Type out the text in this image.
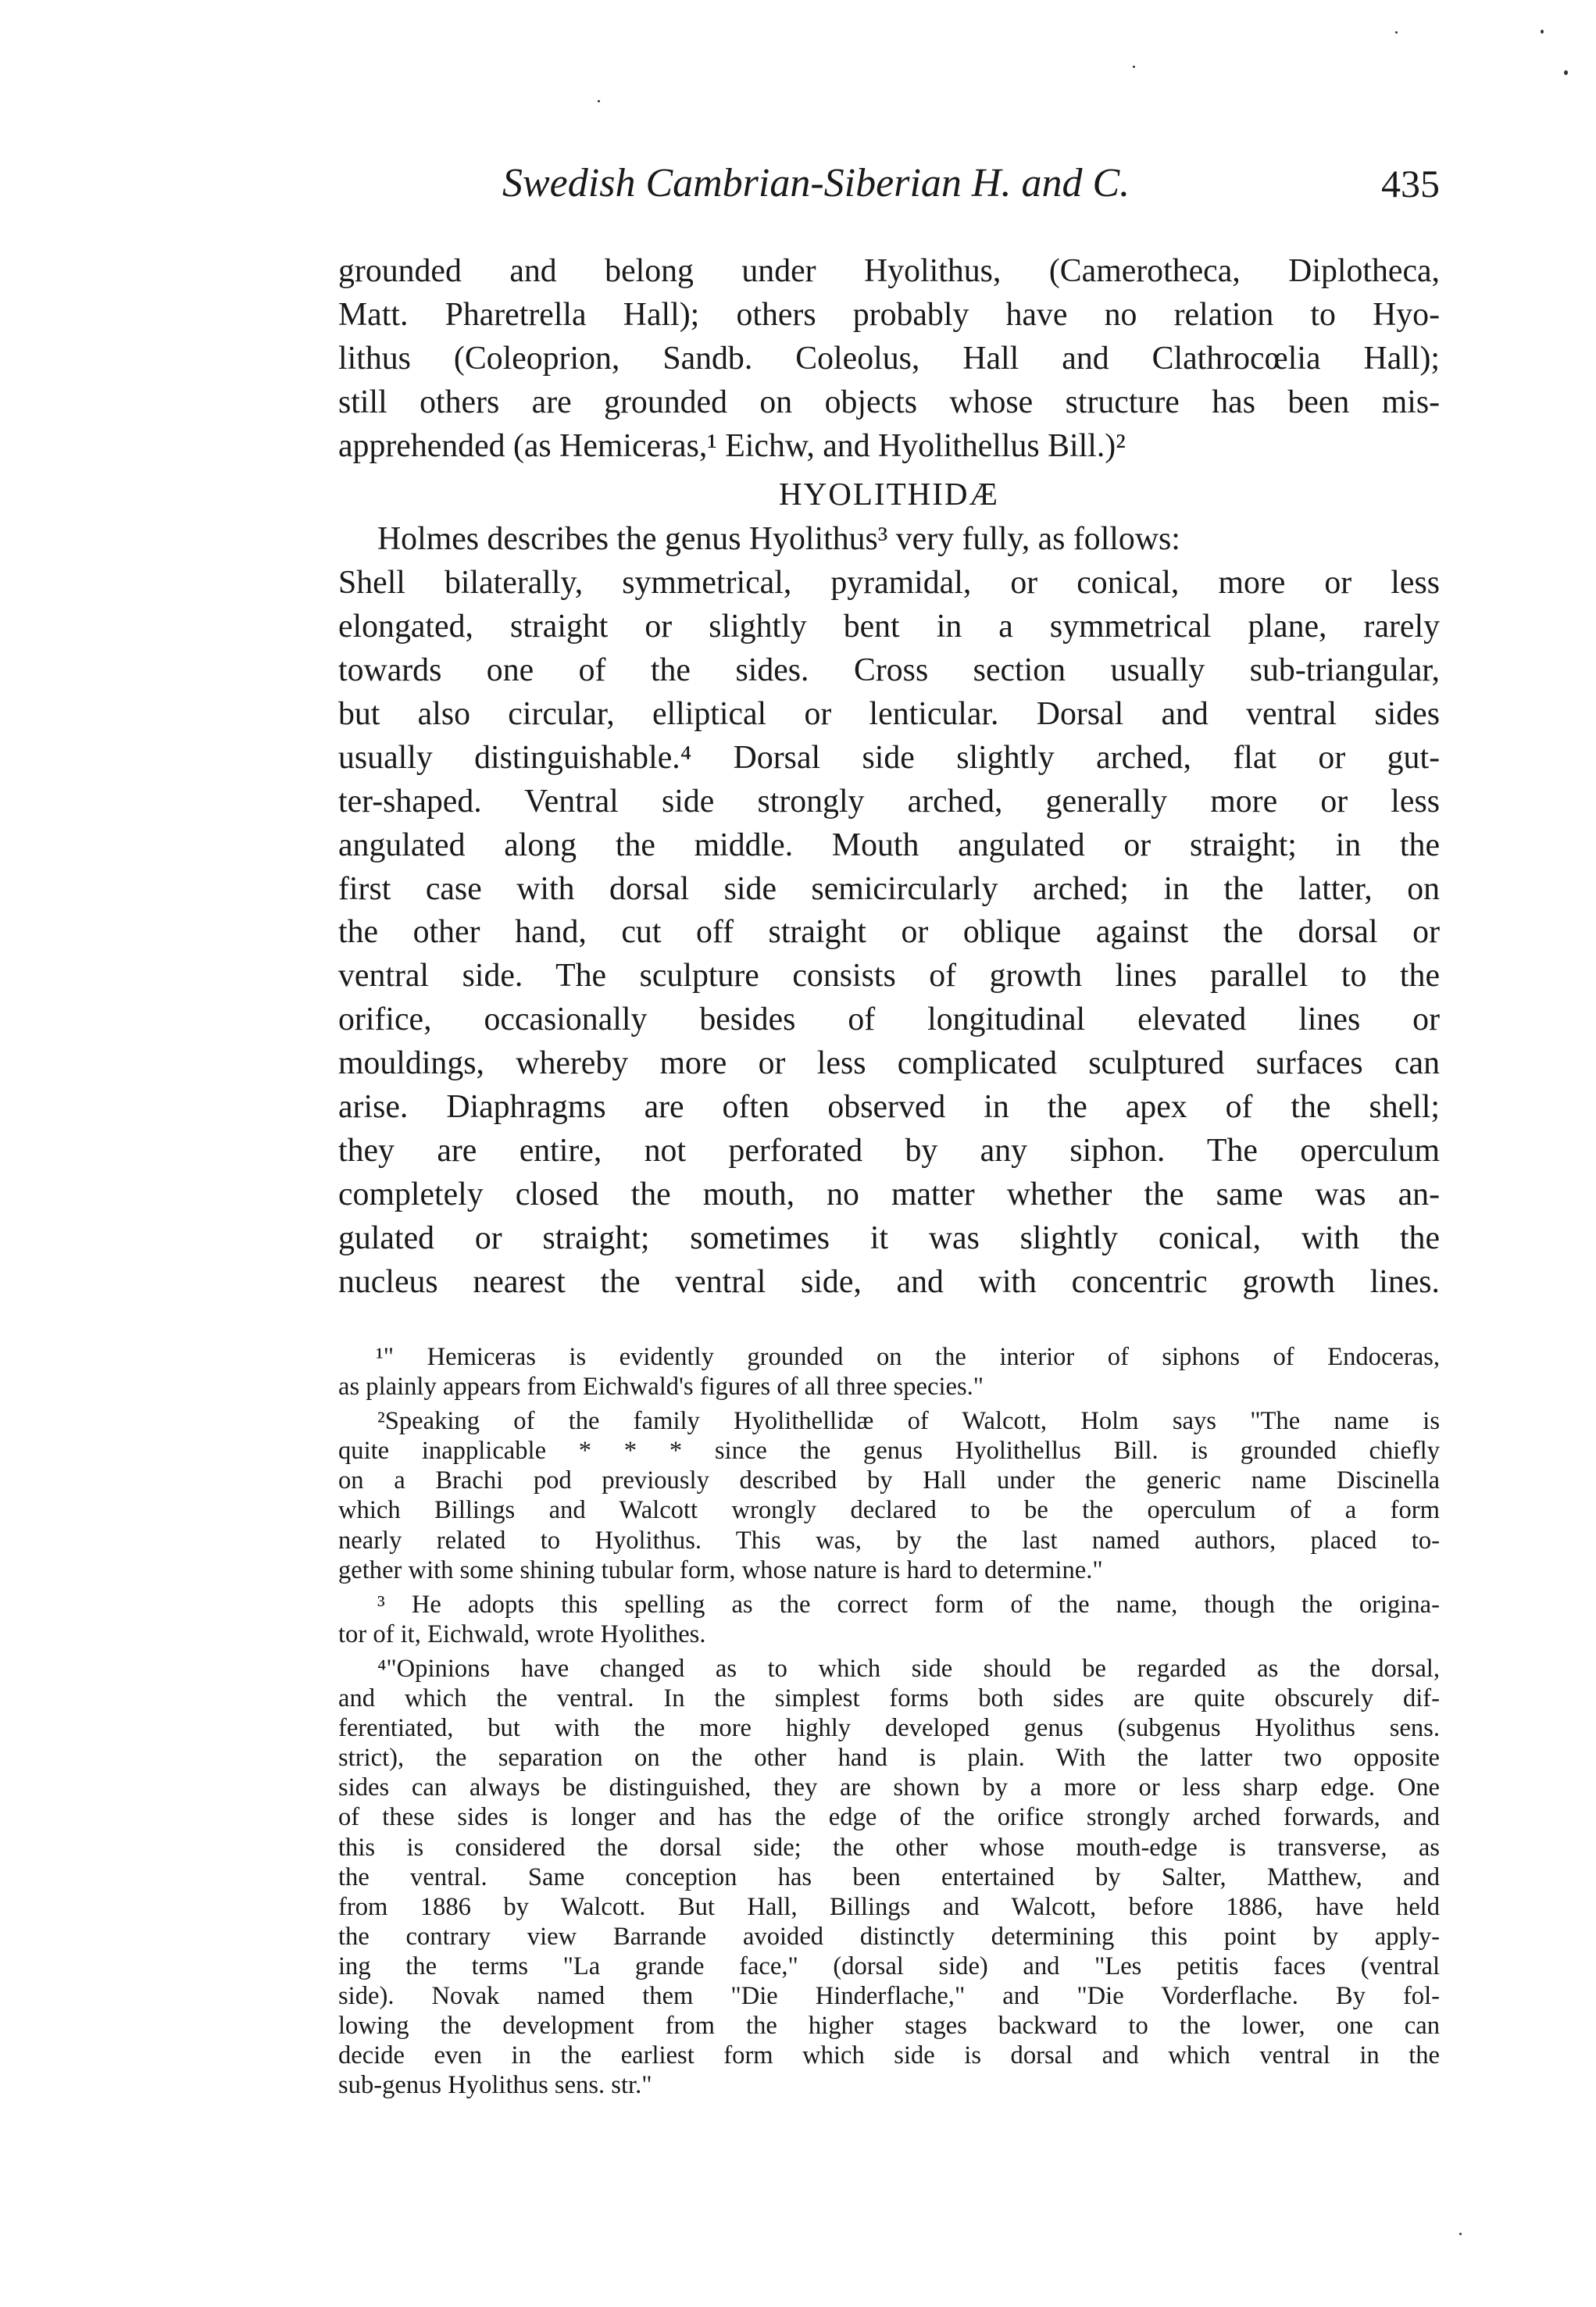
Swedish Cambrian-Siberian H. and C.	435
grounded and belong under Hyolithus, (Camerotheca, Diplotheca,
Matt. Pharetrella Hall); others probably have no relation to Hyo-
lithus (Coleoprion, Sandb. Coleolus, Hall and Clathrocœlia Hall);
still others are grounded on objects whose structure has been mis-
apprehended (as Hemiceras,¹ Eichw, and Hyolithellus Bill.)²
HYOLITHIDÆ
Holmes describes the genus Hyolithus³ very fully, as follows:
Shell bilaterally, symmetrical, pyramidal, or conical, more or less
elongated, straight or slightly bent in a symmetrical plane, rarely
towards one of the sides. Cross section usually sub-triangular,
but also circular, elliptical or lenticular. Dorsal and ventral sides
usually distinguishable.⁴ Dorsal side slightly arched, flat or gut-
ter-shaped. Ventral side strongly arched, generally more or less
angulated along the middle. Mouth angulated or straight; in the
first case with dorsal side semicircularly arched; in the latter, on
the other hand, cut off straight or oblique against the dorsal or
ventral side. The sculpture consists of growth lines parallel to the
orifice, occasionally besides of longitudinal elevated lines or
mouldings, whereby more or less complicated sculptured surfaces can
arise. Diaphragms are often observed in the apex of the shell;
they are entire, not perforated by any siphon. The operculum
completely closed the mouth, no matter whether the same was an-
gulated or straight; sometimes it was slightly conical, with the
nucleus nearest the ventral side, and with concentric growth lines.
¹" Hemiceras is evidently grounded on the interior of siphons of Endoceras,
as plainly appears from Eichwald's figures of all three species."
²Speaking of the family Hyolithellidæ of Walcott, Holm says "The name is
quite inapplicable * * * since the genus Hyolithellus Bill. is grounded chiefly
on a Brachi pod previously described by Hall under the generic name Discinella
which Billings and Walcott wrongly declared to be the operculum of a form
nearly related to Hyolithus. This was, by the last named authors, placed to-
gether with some shining tubular form, whose nature is hard to determine."
³ He adopts this spelling as the correct form of the name, though the origina-
tor of it, Eichwald, wrote Hyolithes.
⁴"Opinions have changed as to which side should be regarded as the dorsal,
and which the ventral. In the simplest forms both sides are quite obscurely dif-
ferentiated, but with the more highly developed genus (subgenus Hyolithus sens.
strict), the separation on the other hand is plain. With the latter two opposite
sides can always be distinguished, they are shown by a more or less sharp edge. One
of these sides is longer and has the edge of the orifice strongly arched forwards, and
this is considered the dorsal side; the other whose mouth-edge is transverse, as
the ventral. Same conception has been entertained by Salter, Matthew, and
from 1886 by Walcott. But Hall, Billings and Walcott, before 1886, have held
the contrary view Barrande avoided distinctly determining this point by apply-
ing the terms "La grande face," (dorsal side) and "Les petitis faces (ventral
side). Novak named them "Die Hinderflache," and "Die Vorderflache. By fol-
lowing the development from the higher stages backward to the lower, one can
decide even in the earliest form which side is dorsal and which ventral in the
sub-genus Hyolithus sens. str."
